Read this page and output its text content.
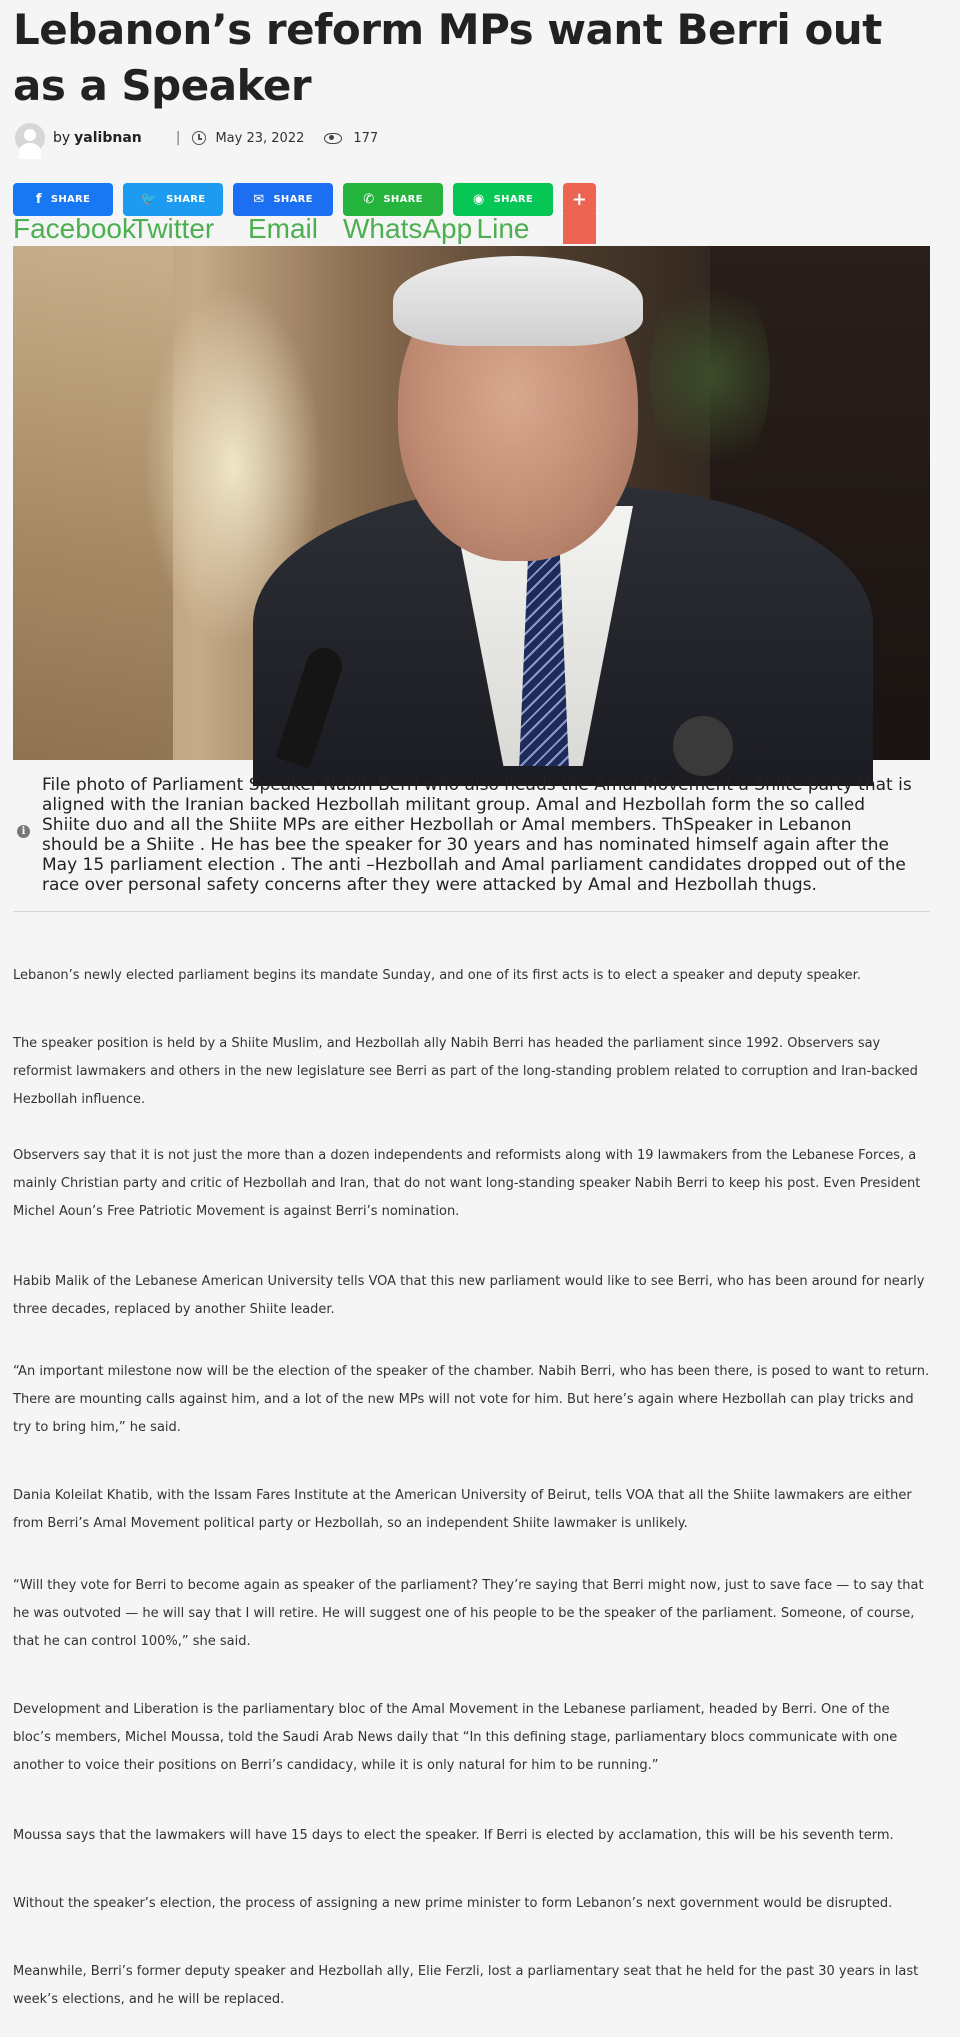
Lebanon’s reform MPs want Berri out as a Speaker
by yalibnan |	May 23, 2022	177
f SHARE	🐦 SHARE	✉ SHARE	✆ SHARE	◉ SHARE	+
Facebook
Twitter	Email WhatsApp Line	S
i
File photo of Parliament Speaker Nabih Berri who also heads the Amal Movement a Shiite party that is aligned with the Iranian backed Hezbollah militant group. Amal and Hezbollah form the so called Shiite duo and all the Shiite MPs are either Hezbollah or Amal members. ThSpeaker in Lebanon should be a Shiite . He has bee the speaker for 30 years and has nominated himself again after the May 15 parliament election . The anti –Hezbollah and Amal parliament candidates dropped out of the race over personal safety concerns after they were attacked by Amal and Hezbollah thugs.

Lebanon’s newly elected parliament begins its mandate Sunday, and one of its first acts is to elect a speaker and deputy speaker.

The speaker position is held by a Shiite Muslim, and Hezbollah ally Nabih Berri has headed the parliament since 1992. Observers say reformist lawmakers and others in the new legislature see Berri as part of the long-standing problem related to corruption and Iran-backed Hezbollah influence.

Observers say that it is not just the more than a dozen independents and reformists along with 19 lawmakers from the Lebanese Forces, a mainly Christian party and critic of Hezbollah and Iran, that do not want long-standing speaker Nabih Berri to keep his post. Even President Michel Aoun’s Free Patriotic Movement is against Berri’s nomination.

Habib Malik of the Lebanese American University tells VOA that this new parliament would like to see Berri, who has been around for nearly three decades, replaced by another Shiite leader.

“An important milestone now will be the election of the speaker of the chamber. Nabih Berri, who has been there, is posed to want to return. There are mounting calls against him, and a lot of the new MPs will not vote for him. But here’s again where Hezbollah can play tricks and try to bring him,” he said.

Dania Koleilat Khatib, with the Issam Fares Institute at the American University of Beirut, tells VOA that all the Shiite lawmakers are either from Berri’s Amal Movement political party or Hezbollah, so an independent Shiite lawmaker is unlikely.

“Will they vote for Berri to become again as speaker of the parliament? They’re saying that Berri might now, just to save face — to say that he was outvoted — he will say that I will retire. He will suggest one of his people to be the speaker of the parliament. Someone, of course, that he can control 100%,” she said.

Development and Liberation is the parliamentary bloc of the Amal Movement in the Lebanese parliament, headed by Berri. One of the bloc’s members, Michel Moussa, told the Saudi Arab News daily that “In this defining stage, parliamentary blocs communicate with one another to voice their positions on Berri’s candidacy, while it is only natural for him to be running.”

Moussa says that the lawmakers will have 15 days to elect the speaker. If Berri is elected by acclamation, this will be his seventh term.

Without the speaker’s election, the process of assigning a new prime minister to form Lebanon’s next government would be disrupted.

Meanwhile, Berri’s former deputy speaker and Hezbollah ally, Elie Ferzli, lost a parliamentary seat that he held for the past 30 years in last week’s elections, and he will be replaced.
